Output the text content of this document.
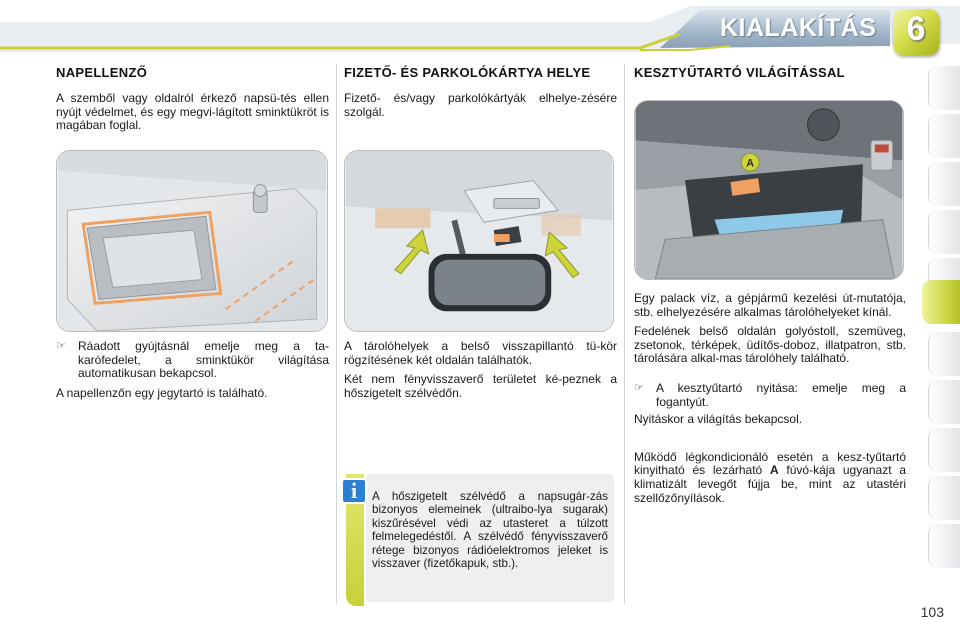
KIALAKÍTÁS 6
NAPELLENZŐ
A szemből vagy oldalról érkező napsü-tés ellen nyújt védelmet, és egy megvi-lágított sminktükröt is magában foglal.
☞	Ráadott gyújtásnál emelje meg a ta-karófedelet, a sminktükör világítása automatikusan bekapcsol.
A napellenzőn egy jegytartó is található.
FIZETŐ- ÉS PARKOLÓKÁRTYA HELYE
Fizető- és/vagy parkolókártyák elhelye-zésére szolgál.
A tárolóhelyek a belső visszapillantó tü-kör rögzítésének két oldalán találhatók.
Két nem fényvisszaverő területet ké-peznek a hőszigetelt szélvédőn.
A hőszigetelt szélvédő a napsugár-zás bizonyos elemeinek (ultraibo-lya sugarak) kiszűrésével védi az utasteret a túlzott felmelegedéstől. A szélvédő fényvisszaverő rétege bizonyos rádióelektromos jeleket is visszaver (fizetőkapuk, stb.).
i
KESZTYŰTARTÓ VILÁGÍTÁSSAL
A
Egy palack víz, a gépjármű kezelési út-mutatója, stb. elhelyezésére alkalmas tárolóhelyeket kínál.
Fedelének belső oldalán golyóstoll, szemüveg, zsetonok, térképek, üdítős-doboz, illatpatron, stb. tárolására alkal-mas tárolóhely található.
☞	A kesztyűtartó nyitása: emelje meg a fogantyút.
Nyitáskor a világítás bekapcsol.
Működő légkondicionáló esetén a kesz-tyűtartó kinyitható és lezárható A fúvó-kája ugyanazt a klimatizált levegőt fújja be, mint az utastéri szellőzőnyílások.
103
